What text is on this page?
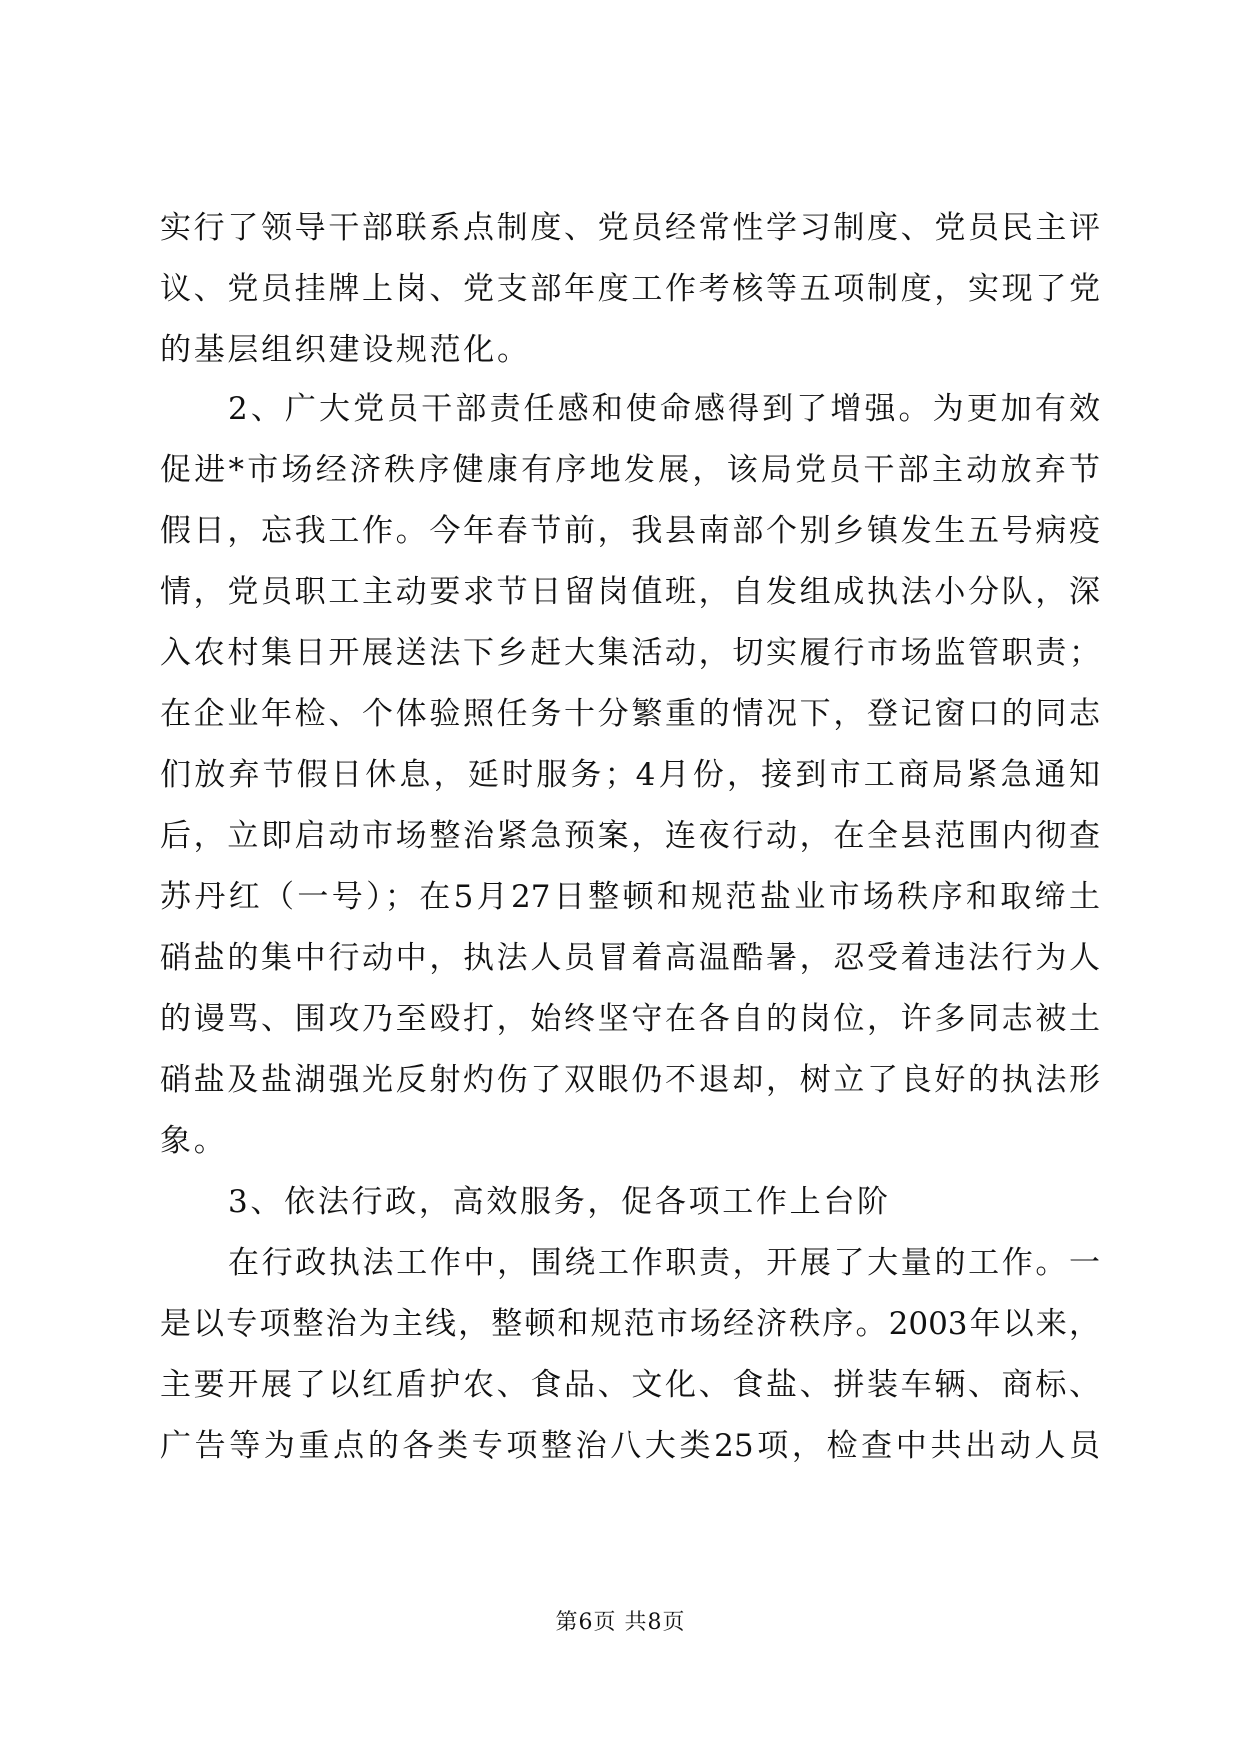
实行了领导干部联系点制度、党员经常性学习制度、党员民主评
议、党员挂牌上岗、党支部年度工作考核等五项制度，实现了党
的基层组织建设规范化。
2、广大党员干部责任感和使命感得到了增强。为更加有效
促进*市场经济秩序健康有序地发展，该局党员干部主动放弃节
假日，忘我工作。今年春节前，我县南部个别乡镇发生五号病疫
情，党员职工主动要求节日留岗值班，自发组成执法小分队，深
入农村集日开展送法下乡赶大集活动，切实履行市场监管职责；
在企业年检、个体验照任务十分繁重的情况下，登记窗口的同志
们放弃节假日休息，延时服务；4月份，接到市工商局紧急通知
后，立即启动市场整治紧急预案，连夜行动，在全县范围内彻查
苏丹红（一号）；在5月27日整顿和规范盐业市场秩序和取缔土
硝盐的集中行动中，执法人员冒着高温酷暑，忍受着违法行为人
的谩骂、围攻乃至殴打，始终坚守在各自的岗位，许多同志被土
硝盐及盐湖强光反射灼伤了双眼仍不退却，树立了良好的执法形
象。
3、依法行政，高效服务，促各项工作上台阶
在行政执法工作中，围绕工作职责，开展了大量的工作。一
是以专项整治为主线，整顿和规范市场经济秩序。2003年以来，
主要开展了以红盾护农、食品、文化、食盐、拼装车辆、商标、
广告等为重点的各类专项整治八大类25项，检查中共出动人员
第6页 共8页
